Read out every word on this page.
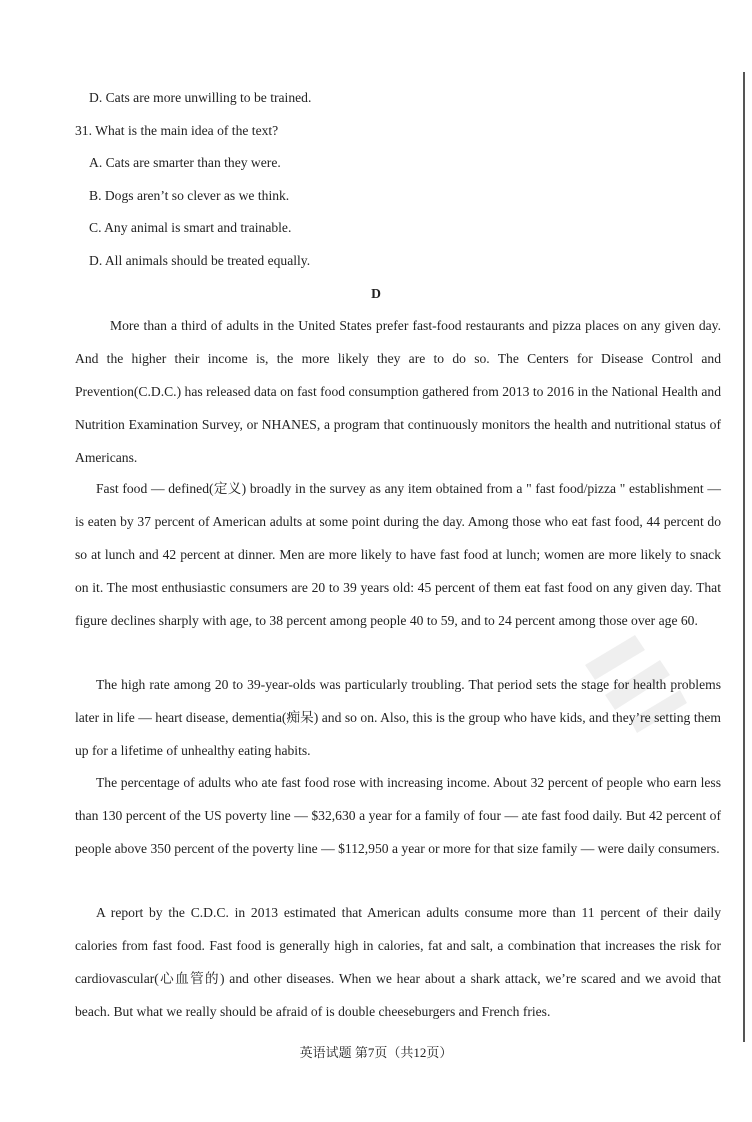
D. Cats are more unwilling to be trained.
31. What is the main idea of the text?
A. Cats are smarter than they were.
B. Dogs aren’t so clever as we think.
C. Any animal is smart and trainable.
D. All animals should be treated equally.
D

More than a third of adults in the United States prefer fast-food restaurants and pizza places on any given day. And the higher their income is, the more likely they are to do so. The Centers for Disease Control and Prevention(C.D.C.) has released data on fast food consumption gathered from 2013 to 2016 in the National Health and Nutrition Examination Survey, or NHANES, a program that continuously monitors the health and nutritional status of Americans.

Fast food — defined(定义) broadly in the survey as any item obtained from a " fast food/pizza " establishment — is eaten by 37 percent of American adults at some point during the day. Among those who eat fast food, 44 percent do so at lunch and 42 percent at dinner. Men are more likely to have fast food at lunch; women are more likely to snack on it. The most enthusiastic consumers are 20 to 39 years old: 45 percent of them eat fast food on any given day. That figure declines sharply with age, to 38 percent among people 40 to 59, and to 24 percent among those over age 60.

The high rate among 20 to 39-year-olds was particularly troubling. That period sets the stage for health problems later in life — heart disease, dementia(痴呆) and so on. Also, this is the group who have kids, and they’re setting them up for a lifetime of unhealthy eating habits.

The percentage of adults who ate fast food rose with increasing income. About 32 percent of people who earn less than 130 percent of the US poverty line — $32,630 a year for a family of four — ate fast food daily. But 42 percent of people above 350 percent of the poverty line — $112,950 a year or more for that size family — were daily consumers.

A report by the C.D.C. in 2013 estimated that American adults consume more than 11 percent of their daily calories from fast food. Fast food is generally high in calories, fat and salt, a combination that increases the risk for cardiovascular(心血管的) and other diseases. When we hear about a shark attack, we’re scared and we avoid that beach. But what we really should be afraid of is double cheeseburgers and French fries.

英语试题 第7页（共12页）
